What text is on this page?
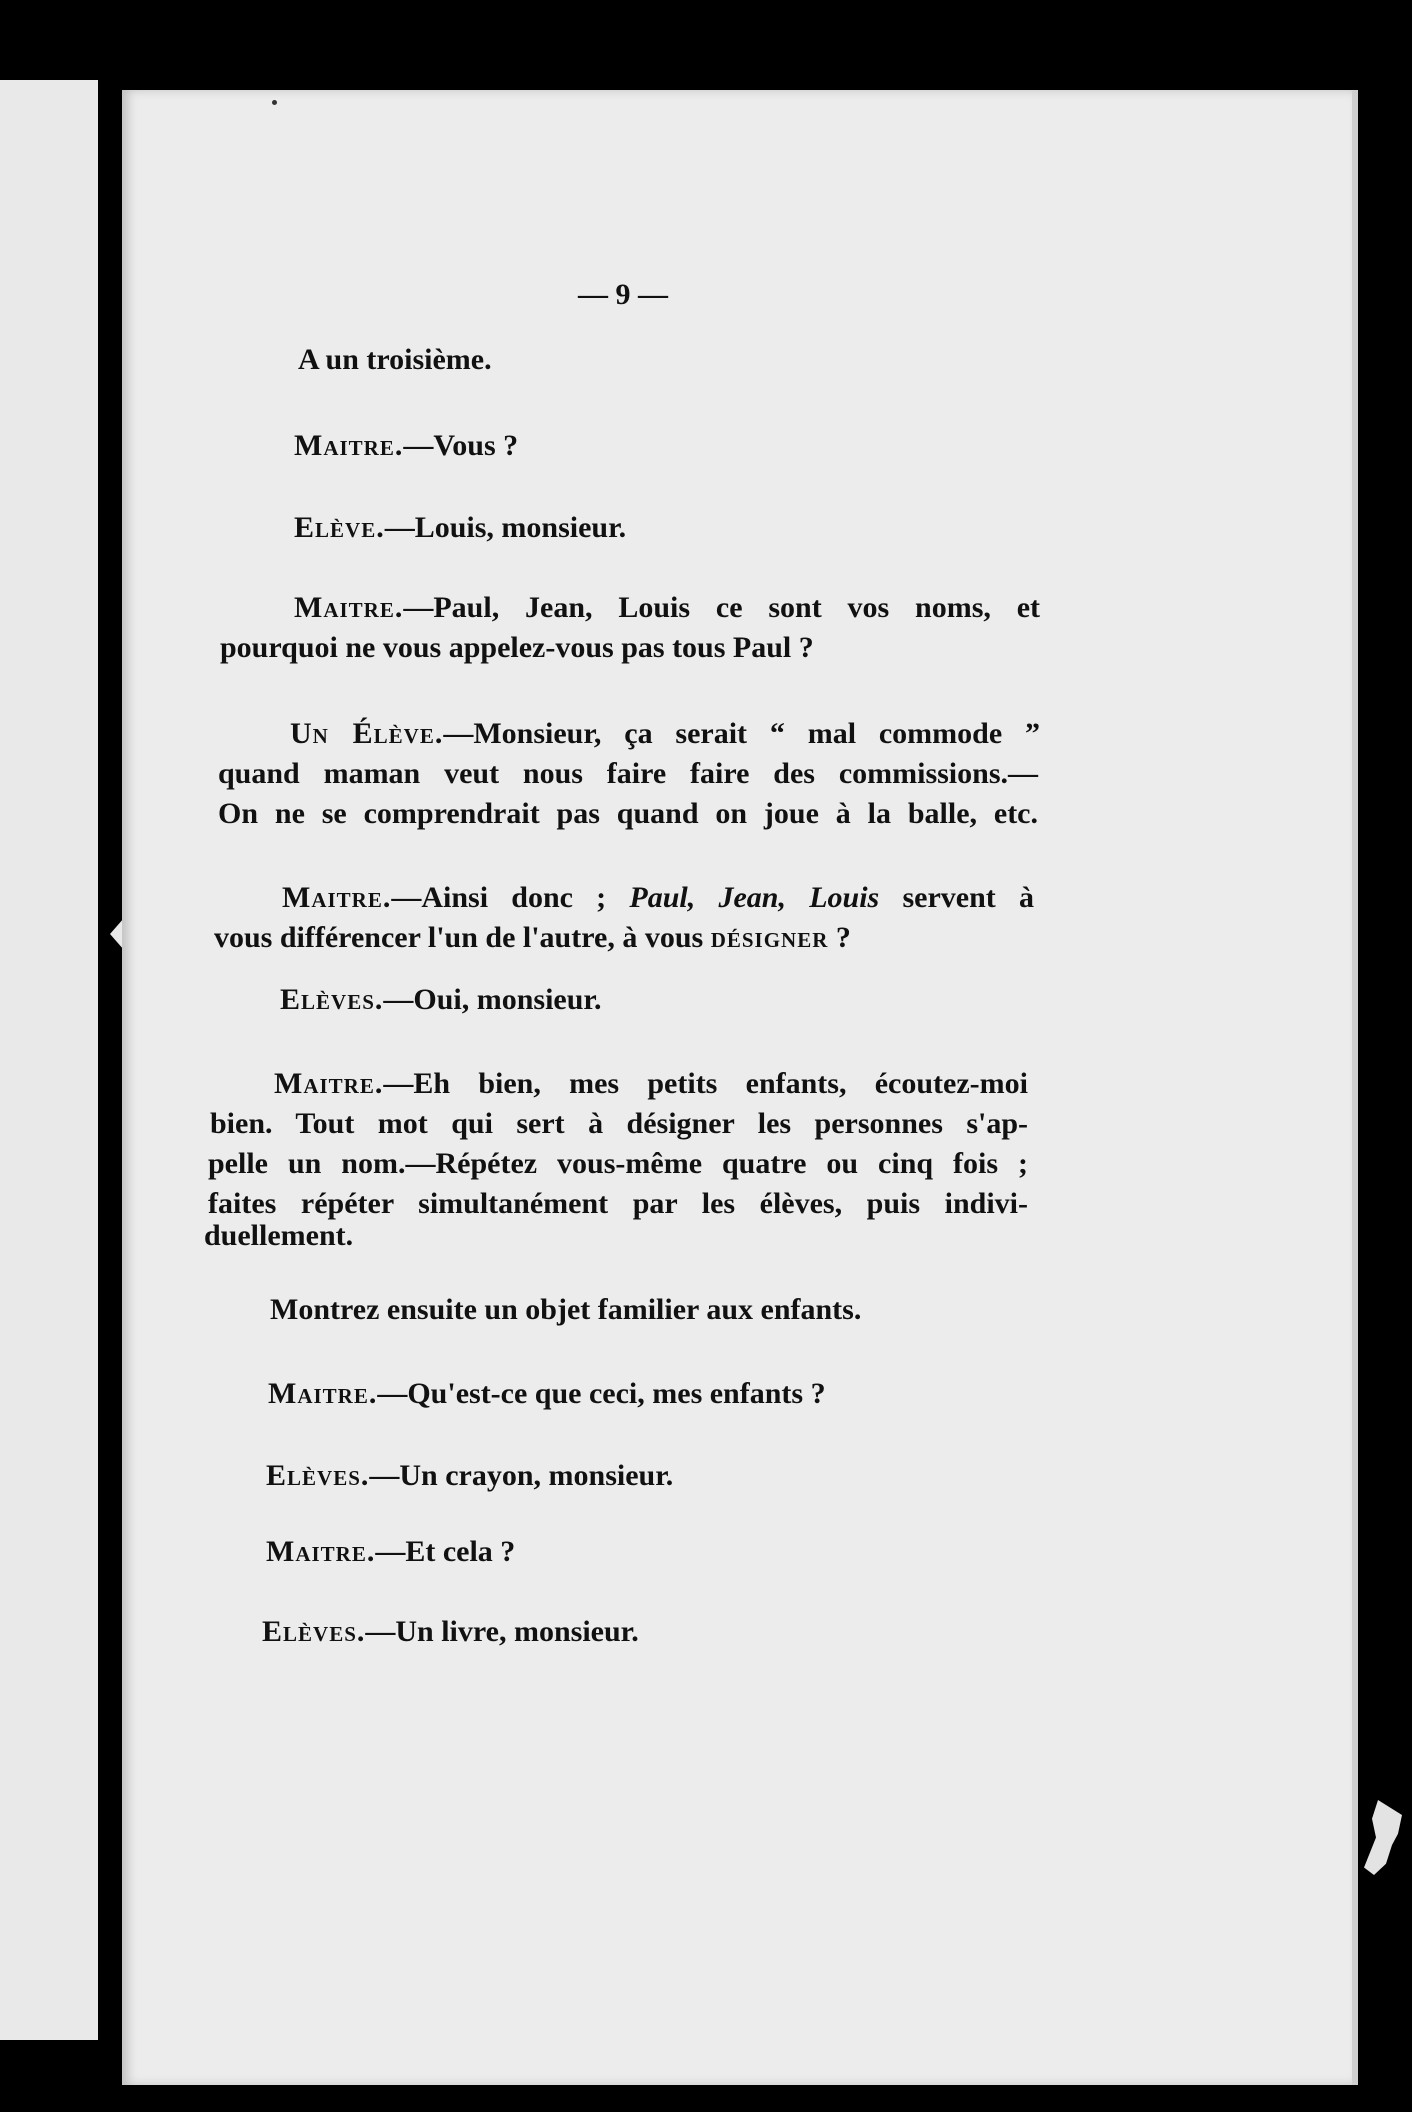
— 9 —
A un troisième.
Maitre.—Vous ?
Elève.—Louis, monsieur.
Maitre.—Paul, Jean, Louis ce sont vos noms, et
pourquoi ne vous appelez-vous pas tous Paul ?
Un Élève.—Monsieur, ça serait “ mal commode ”
quand maman veut nous faire faire des commissions.—
On ne se comprendrait pas quand on joue à la balle, etc.
Maitre.—Ainsi donc ; Paul, Jean, Louis servent à
vous différencer l'un de l'autre, à vous désigner ?
Elèves.—Oui, monsieur.
Maitre.—Eh bien, mes petits enfants, écoutez-moi
bien. Tout mot qui sert à désigner les personnes s'ap-
pelle un nom.—Répétez vous-même quatre ou cinq fois ;
faites répéter simultanément par les élèves, puis indivi-
duellement.
Montrez ensuite un objet familier aux enfants.
Maitre.—Qu'est-ce que ceci, mes enfants ?
Elèves.—Un crayon, monsieur.
Maitre.—Et cela ?
Elèves.—Un livre, monsieur.
